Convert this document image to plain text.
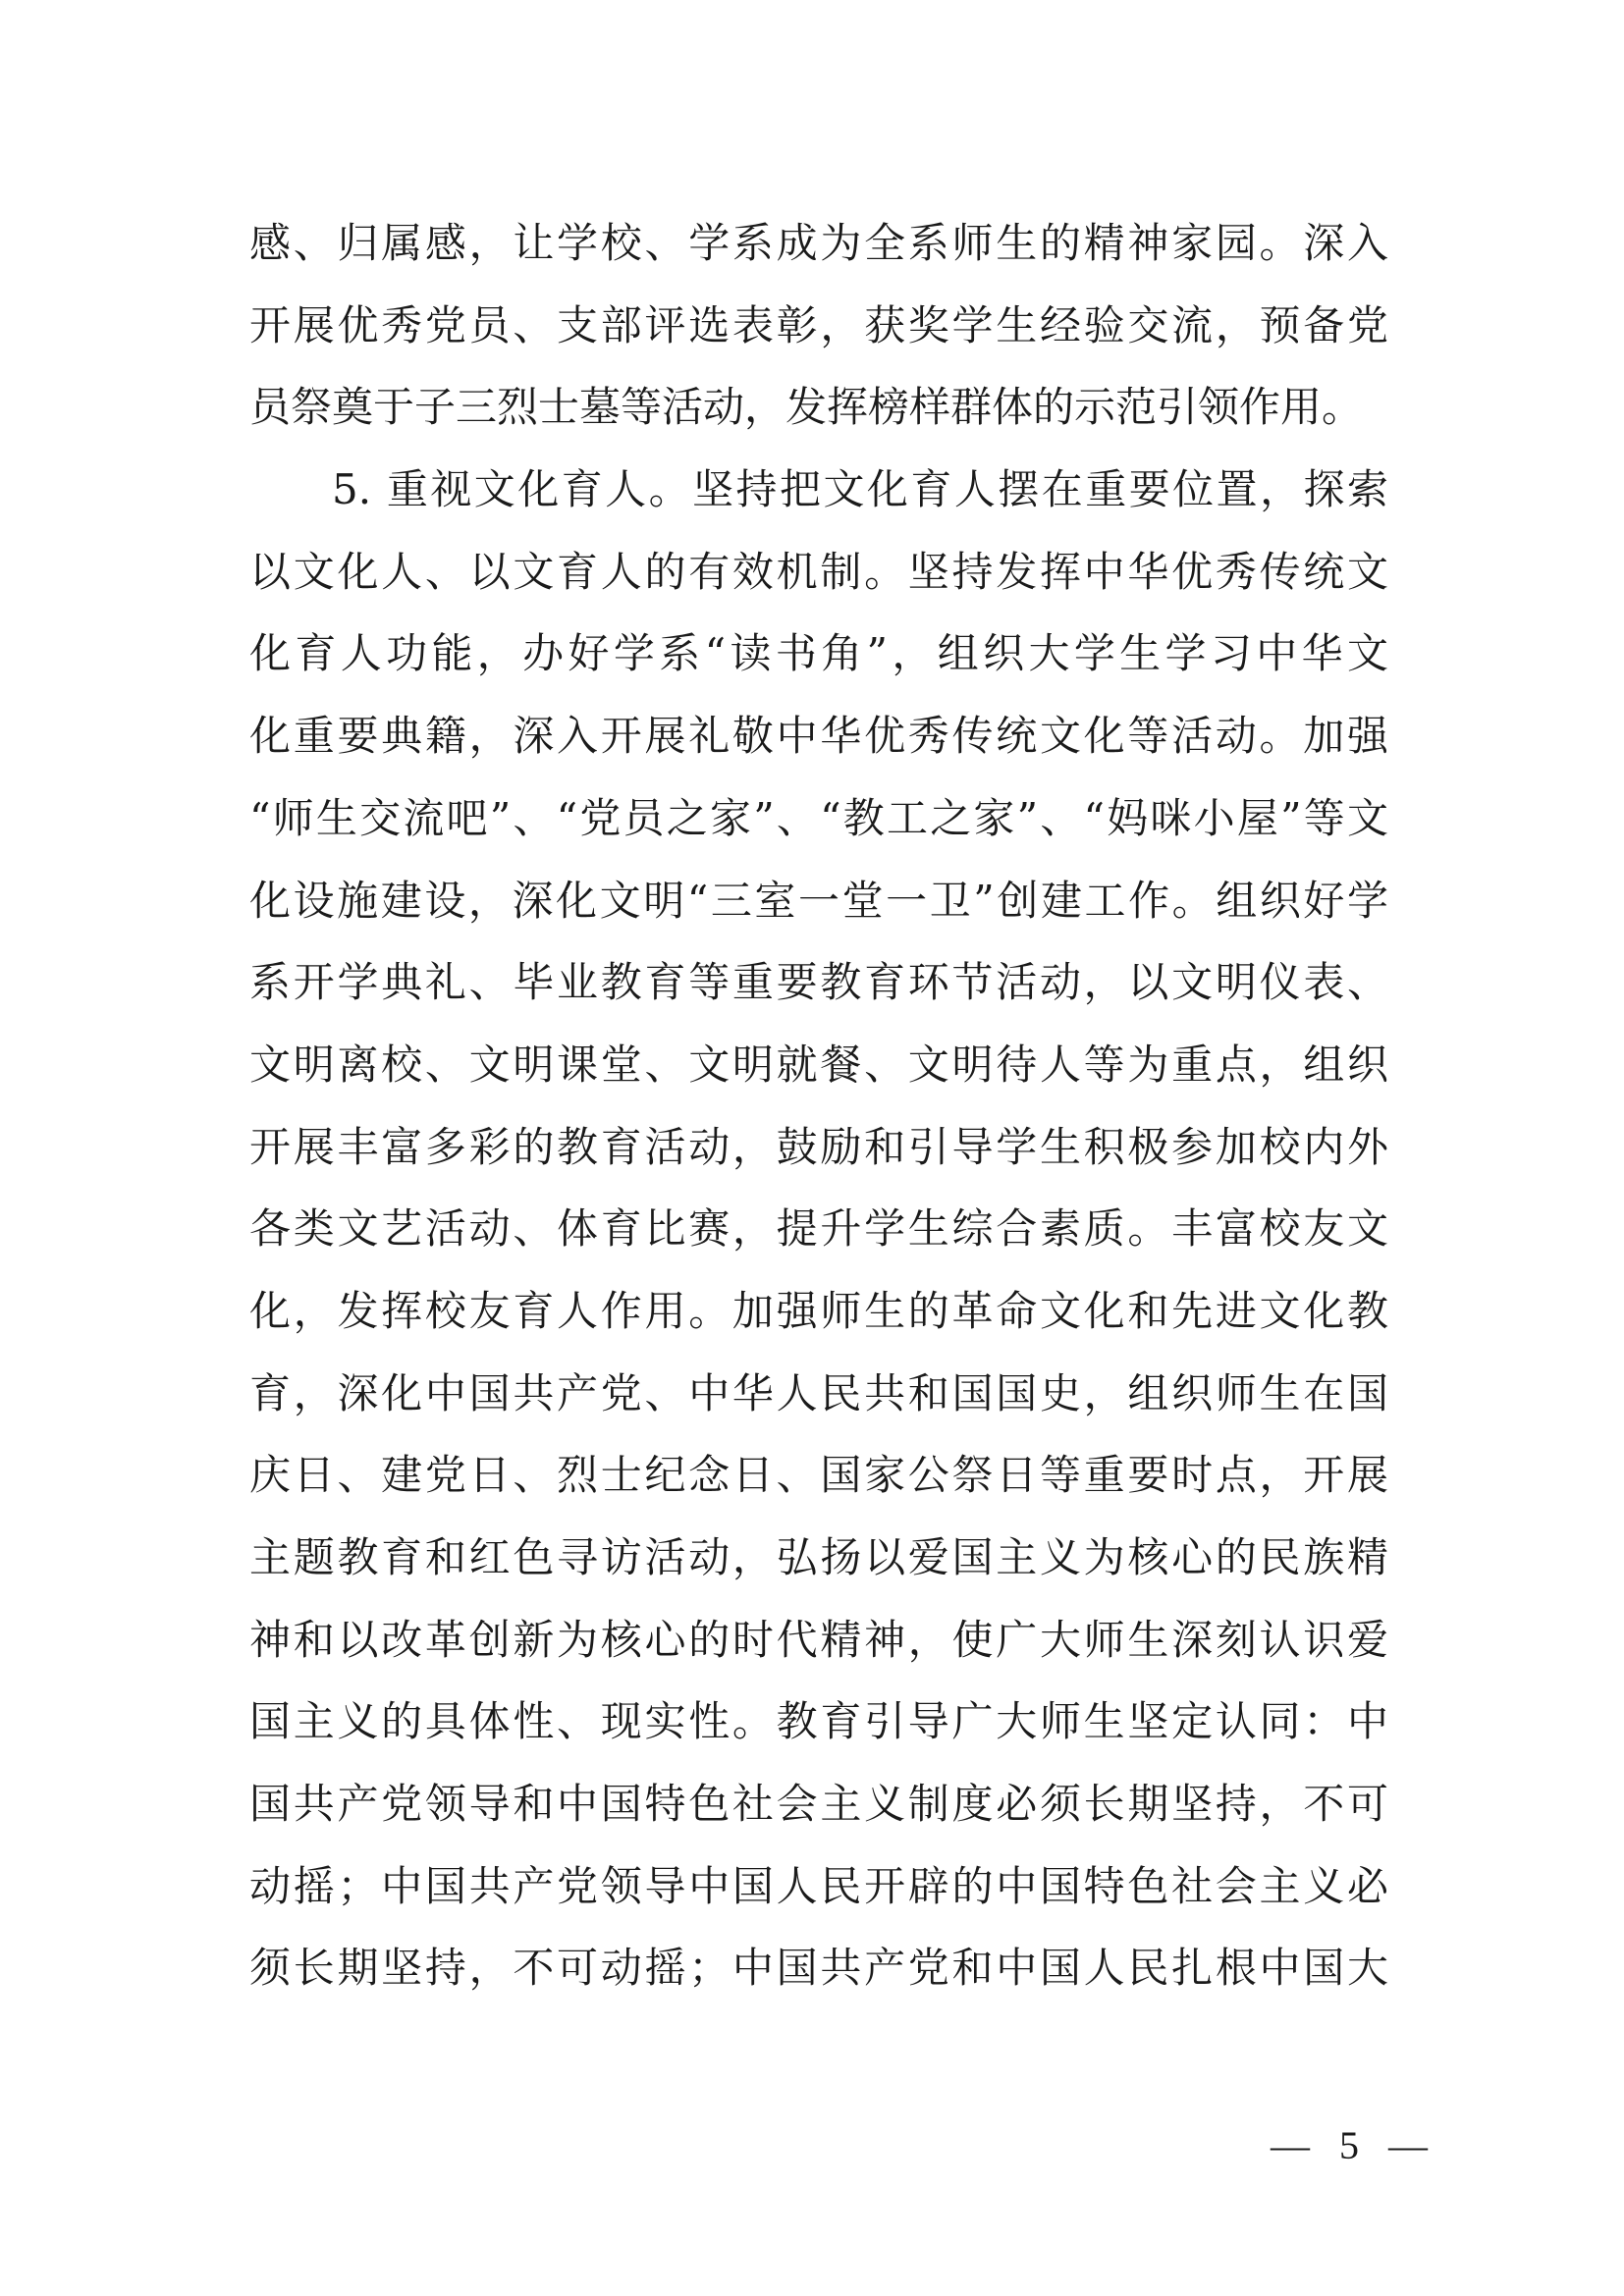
感、归属感，让学校、学系成为全系师生的精神家园。深入
开展优秀党员、支部评选表彰，获奖学生经验交流，预备党
员祭奠于子三烈士墓等活动，发挥榜样群体的示范引领作用。
5. 重视文化育人。坚持把文化育人摆在重要位置，探索
以文化人、以文育人的有效机制。坚持发挥中华优秀传统文
化育人功能，办好学系“读书角”，组织大学生学习中华文
化重要典籍，深入开展礼敬中华优秀传统文化等活动。加强
“师生交流吧”、“党员之家”、“教工之家”、“妈咪小屋”等文
化设施建设，深化文明“三室一堂一卫”创建工作。组织好学
系开学典礼、毕业教育等重要教育环节活动，以文明仪表、
文明离校、文明课堂、文明就餐、文明待人等为重点，组织
开展丰富多彩的教育活动，鼓励和引导学生积极参加校内外
各类文艺活动、体育比赛，提升学生综合素质。丰富校友文
化，发挥校友育人作用。加强师生的革命文化和先进文化教
育，深化中国共产党、中华人民共和国国史，组织师生在国
庆日、建党日、烈士纪念日、国家公祭日等重要时点，开展
主题教育和红色寻访活动，弘扬以爱国主义为核心的民族精
神和以改革创新为核心的时代精神，使广大师生深刻认识爱
国主义的具体性、现实性。教育引导广大师生坚定认同：中
国共产党领导和中国特色社会主义制度必须长期坚持，不可
动摇；中国共产党领导中国人民开辟的中国特色社会主义必
须长期坚持，不可动摇；中国共产党和中国人民扎根中国大
— 5 —
